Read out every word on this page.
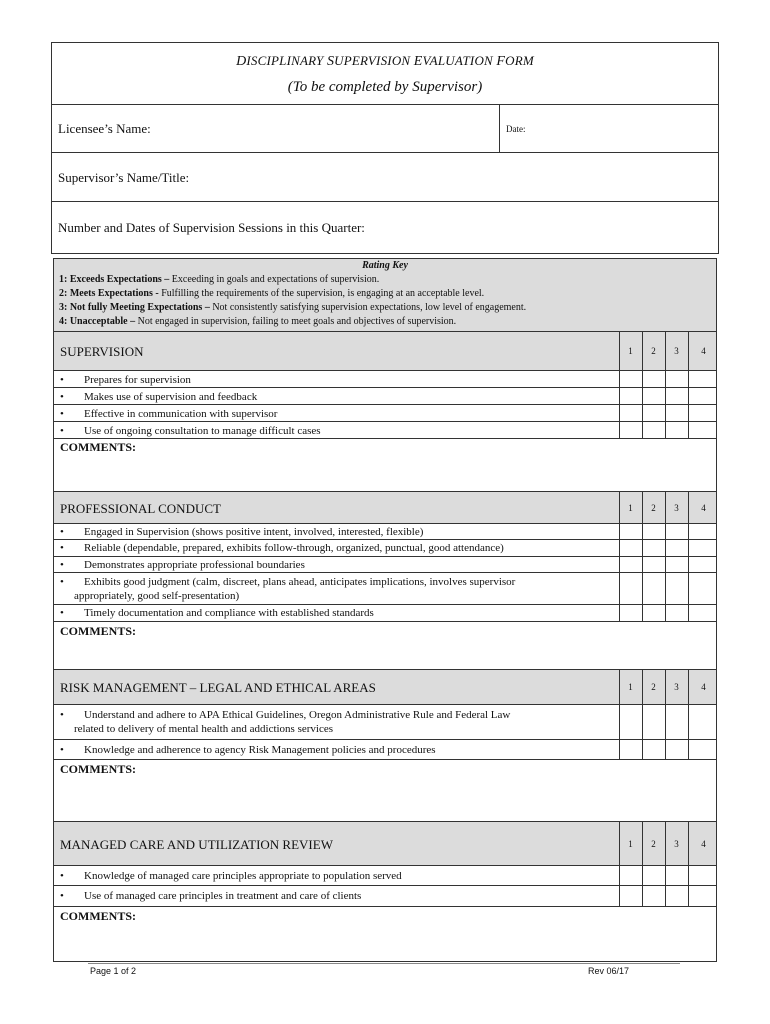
DISCIPLINARY SUPERVISION EVALUATION FORM
(To be completed by Supervisor)
Licensee’s Name:	Date:
Supervisor’s Name/Title:
Number and Dates of Supervision Sessions in this Quarter:
Rating Key
1: Exceeds Expectations – Exceeding in goals and expectations of supervision.
2: Meets Expectations - Fulfilling the requirements of the supervision, is engaging at an acceptable level.
3: Not fully Meeting Expectations – Not consistently satisfying supervision expectations, low level of engagement.
4: Unacceptable – Not engaged in supervision, failing to meet goals and objectives of supervision.
SUPERVISION	1	2	3	4
• Prepares for supervision
• Makes use of supervision and feedback
• Effective in communication with supervisor
• Use of ongoing consultation to manage difficult cases
COMMENTS:
PROFESSIONAL CONDUCT	1	2	3	4
• Engaged in Supervision (shows positive intent, involved, interested, flexible)
• Reliable (dependable, prepared, exhibits follow-through, organized, punctual, good attendance)
• Demonstrates appropriate professional boundaries
• Exhibits good judgment (calm, discreet, plans ahead, anticipates implications, involves supervisor
appropriately, good self-presentation)
• Timely documentation and compliance with established standards
COMMENTS:
RISK MANAGEMENT – LEGAL AND ETHICAL AREAS	1	2	3	4
• Understand and adhere to APA Ethical Guidelines, Oregon Administrative Rule and Federal Law
related to delivery of mental health and addictions services
• Knowledge and adherence to agency Risk Management policies and procedures
COMMENTS:
MANAGED CARE AND UTILIZATION REVIEW	1	2	3	4
• Knowledge of managed care principles appropriate to population served
• Use of managed care principles in treatment and care of clients
COMMENTS:
Page 1 of 2	Rev 06/17
